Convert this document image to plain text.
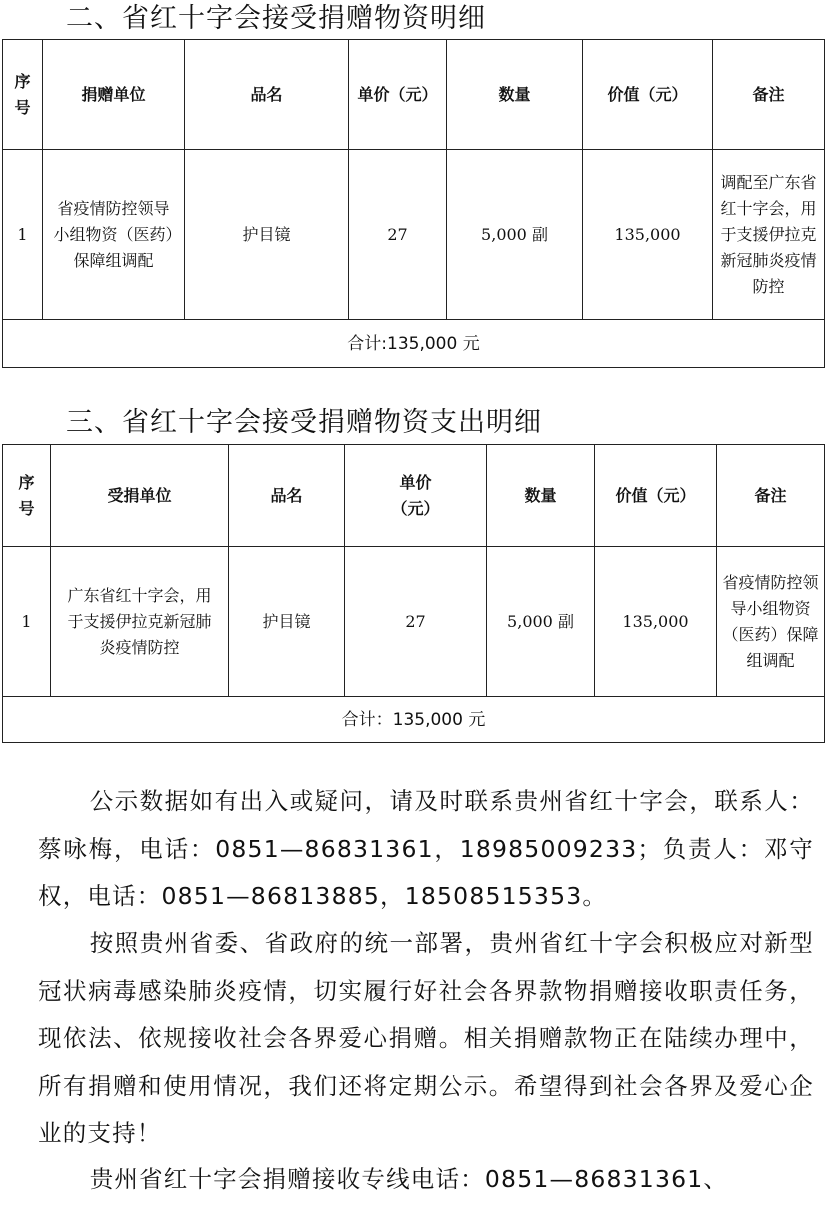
二、省红十字会接受捐赠物资明细
序号	捐赠单位	品名	单价（元）	数量	价值（元）	备注
1	省疫情防控领导小组物资（医药）保障组调配	护目镜	27	5,000 副	135,000	调配至广东省红十字会，用于支援伊拉克新冠肺炎疫情防控
合计:135,000 元						
三、省红十字会接受捐赠物资支出明细
序号	受捐单位	品名	单价（元）	数量	价值（元）	备注
1	广东省红十字会，用于支援伊拉克新冠肺炎疫情防控	护目镜	27	5,000 副	135,000	省疫情防控领导小组物资（医药）保障组调配
合计：135,000 元						

公示数据如有出入或疑问，请及时联系贵州省红十字会，联系人：蔡咏梅，电话：0851—86831361，18985009233；负责人：邓守权，电话：0851—86813885，18508515353。

按照贵州省委、省政府的统一部署，贵州省红十字会积极应对新型冠状病毒感染肺炎疫情，切实履行好社会各界款物捐赠接收职责任务，现依法、依规接收社会各界爱心捐赠。相关捐赠款物正在陆续办理中，所有捐赠和使用情况，我们还将定期公示。希望得到社会各界及爱心企业的支持！

贵州省红十字会捐赠接收专线电话：0851—86831361、
